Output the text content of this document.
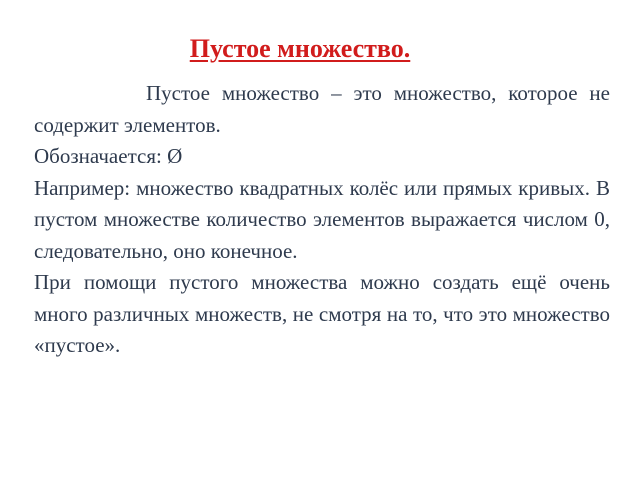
Пустое множество.

Пустое множество – это множество, которое не содержит элементов.

Обозначается: Ø

Например: множество квадратных колёс или прямых кривых. В пустом множестве количество элементов выражается числом 0, следовательно, оно конечное.

При помощи пустого множества можно создать ещё очень много различных множеств, не смотря на то, что это множество «пустое».
